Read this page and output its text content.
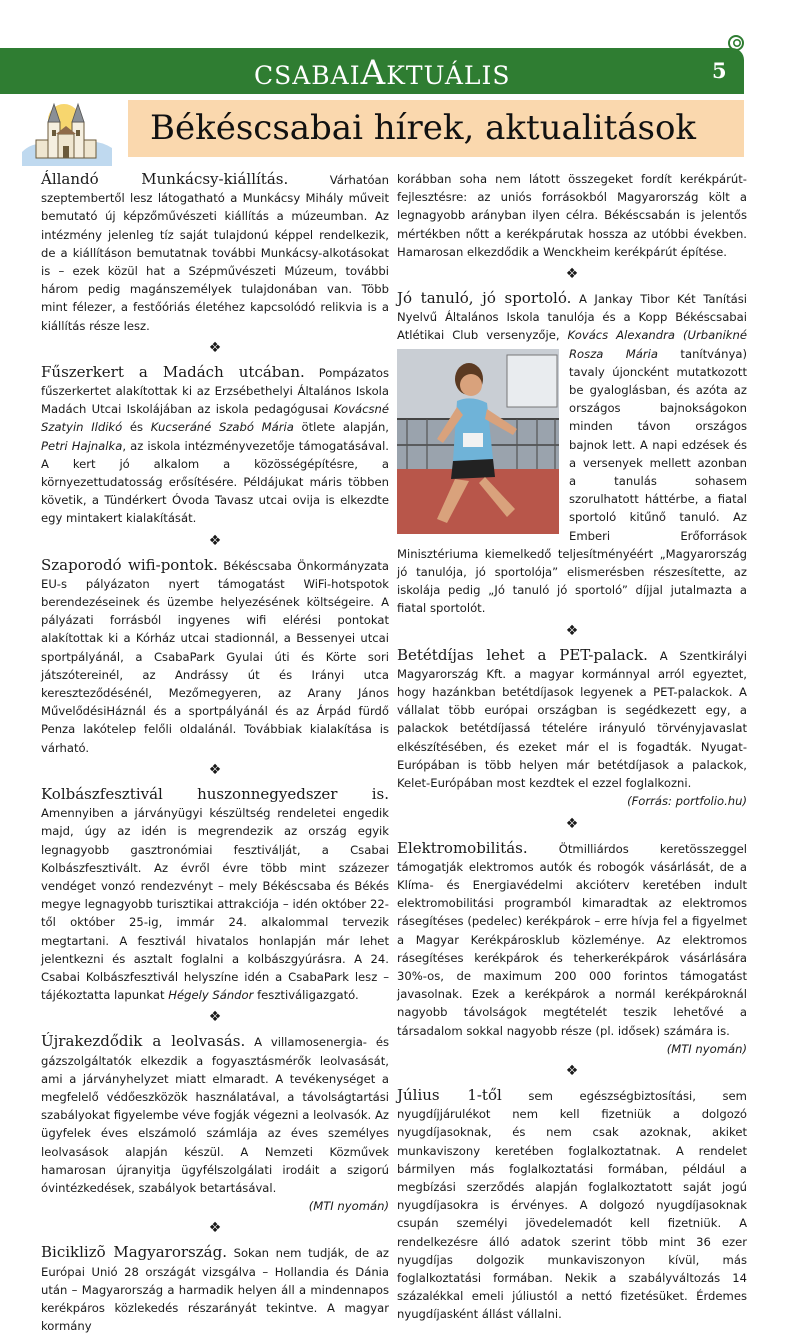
CSABAIAKTUÁLIS	5
Békéscsabai hírek, aktualitások

Állandó Munkácsy-kiállítás.	Várhatóan szeptembertől lesz látogatható a Munkácsy Mihály műveit bemutató új képzőművészeti kiállítás a múzeumban. Az intézmény jelenleg tíz saját tulajdonú képpel rendelkezik, de a kiállításon bemutatnak további Munkácsy-alkotásokat is – ezek közül hat a Szépművészeti Múzeum, további három pedig magánszemélyek tulajdonában van. Több mint félezer, a festőóriás életéhez kapcsolódó relikvia is a kiállítás része lesz.

❖

Fűszerkert a Madách utcában. Pompázatos fűszerkertet alakítottak ki az Erzsébethelyi Általános Iskola Madách Utcai Iskolájában az iskola pedagógusai Kovácsné Szatyin Ildikó és Kucseráné Szabó Mária ötlete alapján, Petri Hajnalka, az iskola intézményvezetője támogatásával. A kert jó alkalom a közösségépítésre, a környezettudatosság erősítésére. Példájukat máris többen követik, a Tündérkert Óvoda Tavasz utcai ovija is elkezdte egy mintakert kialakítását.

❖

Szaporodó wifi-pontok. Békéscsaba Önkormányzata EU-s pályázaton nyert támogatást WiFi-hotspotok berendezéseinek és üzembe helyezésének költségeire. A pályázati forrásból ingyenes wifi elérési pontokat alakítottak ki a Kórház utcai stadionnál, a Bessenyei utcai sportpályánál, a CsabaPark Gyulai úti és Körte sori játszótereinél, az Andrássy út és Irányi utca kereszteződésénél, Mezőmegyeren, az Arany János MűvelődésiHáznál és a sportpályánál és az Árpád fürdő Penza lakótelep felőli oldalánál. Továbbiak kialakítása is várható.

❖

Kolbászfesztivál huszonnegyedszer is. Amennyiben a járványügyi készültség rendeletei engedik majd, úgy az idén is megrendezik az ország egyik legnagyobb gasztronómiai fesztiválját, a Csabai Kolbászfesztivált. Az évről évre több mint százezer vendéget vonzó rendezvényt – mely Békéscsaba és Békés megye legnagyobb turisztikai attrakciója – idén október 22-től október 25-ig, immár 24. alkalommal tervezik megtartani. A fesztivál hivatalos honlapján már lehet jelentkezni és asztalt foglalni a kolbászgyúrásra. A 24. Csabai Kolbászfesztivál helyszíne idén a CsabaPark lesz – tájékoztatta lapunkat Hégely Sándor fesztiváligazgató.

❖

Újrakezdődik a leolvasás. A villamosenergia- és gázszolgáltatók elkezdik a fogyasztásmérők leolvasását, ami a járványhelyzet miatt elmaradt. A tevékenységet a megfelelő védőeszközök használatával, a távolságtartási szabályokat figyelembe véve fogják végezni a leolvasók. Az ügyfelek éves elszámoló számlája az éves személyes leolvasások alapján készül. A Nemzeti Közművek hamarosan újranyitja ügyfélszolgálati irodáit a szigorú óvintézkedések, szabályok betartásával.
(MTI nyomán)

❖

Biciklizõ Magyarország. Sokan nem tudják, de az Európai Unió 28 országát vizsgálva – Hollandia és Dánia után – Magyarország a harmadik helyen áll a mindennapos kerékpáros közlekedés részarányát tekintve. A magyar kormány

korábban soha nem látott összegeket fordít kerékpárút-fejlesztésre: az uniós forrásokból Magyarország költ a legnagyobb arányban ilyen célra. Békéscsabán is jelentős mértékben nőtt a kerékpárutak hossza az utóbbi években. Hamarosan elkezdődik a Wenckheim kerékpárút építése.

❖
Jó tanuló, jó sportoló. A Jankay Tibor Két Tanítási Nyelvű Általános Iskola tanulója és a Kopp Békéscsabai Atlétikai Club versenyzője, Kovács Alexandra (Urbanikné Rosza Mária
tanítványa) tavaly újoncként mutatkozott be gyaloglásban, és azóta az országos bajnokságokon minden távon országos bajnok lett. A napi edzések és a versenyek mellett azonban a tanulás sohasem szorulhatott háttérbe, a fiatal sportoló kitűnő tanuló. Az Emberi Erőforrások Minisztériuma kiemelkedő teljesítményéért „Magyarország jó tanulója, jó sportolója” elismerésben részesítette, az iskolája pedig „Jó tanuló jó sportoló” díjjal jutalmazta a fiatal sportolót.
❖

Betétdíjas lehet a PET-palack. A Szentkirályi Magyarország Kft. a magyar kormánnyal arról egyeztet, hogy hazánkban betétdíjasok legyenek a PET-palackok. A vállalat több európai országban is segédkezett egy, a palackok betétdíjassá tételére irányuló törvényjavaslat elkészítésében, és ezeket már el is fogadták. Nyugat-Európában is több helyen már betétdíjasok a palackok, Kelet-Európában most kezdtek el ezzel foglalkozni.
(Forrás: portfolio.hu)

❖

Elektromobilitás.	Ötmilliárdos keretösszeggel támogatják elektromos autók és robogók vásárlását, de a Klíma- és Energiavédelmi akcióterv keretében indult elektromobilitási programból kimaradtak az elektromos rásegítéses (pedelec) kerékpárok – erre hívja fel a figyelmet a Magyar Kerékpárosklub közleménye. Az elektromos rásegítéses kerékpárok és teherkerékpárok vásárlására 30%-os, de maximum 200 000 forintos támogatást javasolnak. Ezek a kerékpárok a normál kerékpároknál nagyobb távolságok megtételét teszik lehetővé a társadalom sokkal nagyobb része (pl. idősek) számára is.
(MTI nyomán)

❖

Július 1-től sem egészségbiztosítási, sem nyugdíjjárulékot nem kell fizetniük a dolgozó nyugdíjasoknak, és nem csak azoknak, akiket munkaviszony keretében foglalkoztatnak. A rendelet bármilyen más foglalkoztatási formában, például a megbízási szerződés alapján foglalkoztatott saját jogú nyugdíjasokra is érvényes. A dolgozó nyugdíjasoknak csupán személyi jövedelemadót kell fizetniük. A rendelkezésre álló adatok szerint több mint 36 ezer nyugdíjas dolgozik munkaviszonyon kívül, más foglalkoztatási formában. Nekik a szabályváltozás 14 százalékkal emeli júliustól a nettó fizetésüket. Érdemes nyugdíjasként állást vállalni.
